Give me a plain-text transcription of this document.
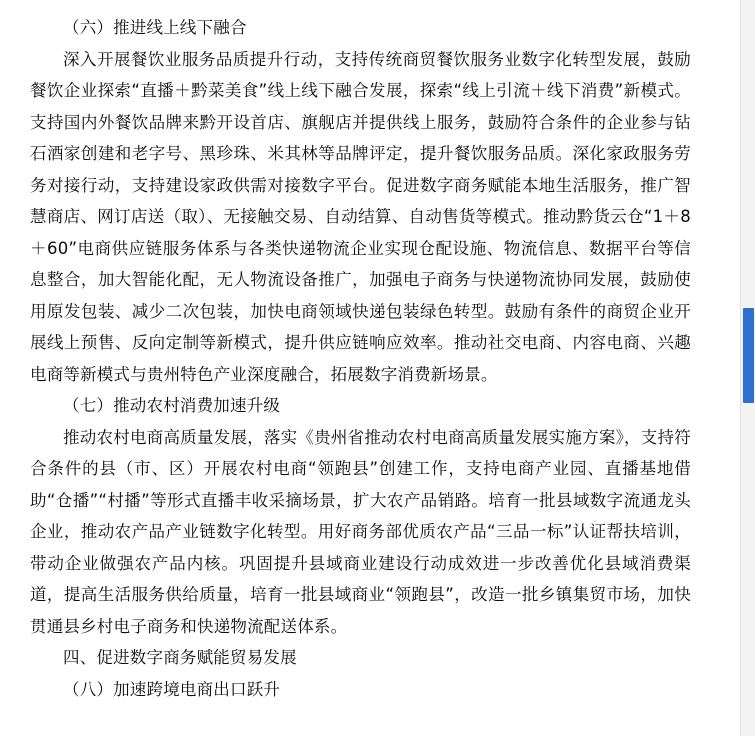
（六）推进线上线下融合

深入开展餐饮业服务品质提升行动，支持传统商贸餐饮服务业数字化转型发展，鼓励餐饮企业探索“直播＋黔菜美食”线上线下融合发展，探索“线上引流＋线下消费”新模式。支持国内外餐饮品牌来黔开设首店、旗舰店并提供线上服务，鼓励符合条件的企业参与钻石酒家创建和老字号、黑珍珠、米其林等品牌评定，提升餐饮服务品质。深化家政服务劳务对接行动，支持建设家政供需对接数字平台。促进数字商务赋能本地生活服务，推广智慧商店、网订店送（取）、无接触交易、自动结算、自动售货等模式。推动黔货云仓“1＋8＋60”电商供应链服务体系与各类快递物流企业实现仓配设施、物流信息、数据平台等信息整合，加大智能化配，无人物流设备推广，加强电子商务与快递物流协同发展，鼓励使用原发包装、减少二次包装，加快电商领域快递包装绿色转型。鼓励有条件的商贸企业开展线上预售、反向定制等新模式，提升供应链响应效率。推动社交电商、内容电商、兴趣电商等新模式与贵州特色产业深度融合，拓展数字消费新场景。

（七）推动农村消费加速升级

推动农村电商高质量发展，落实《贵州省推动农村电商高质量发展实施方案》，支持符合条件的县（市、区）开展农村电商“领跑县”创建工作，支持电商产业园、直播基地借助“仓播”“村播”等形式直播丰收采摘场景，扩大农产品销路。培育一批县域数字流通龙头企业，推动农产品产业链数字化转型。用好商务部优质农产品“三品一标”认证帮扶培训，带动企业做强农产品内核。巩固提升县域商业建设行动成效进一步改善优化县域消费渠道，提高生活服务供给质量，培育一批县域商业“领跑县”，改造一批乡镇集贸市场，加快贯通县乡村电子商务和快递物流配送体系。

四、促进数字商务赋能贸易发展

（八）加速跨境电商出口跃升
